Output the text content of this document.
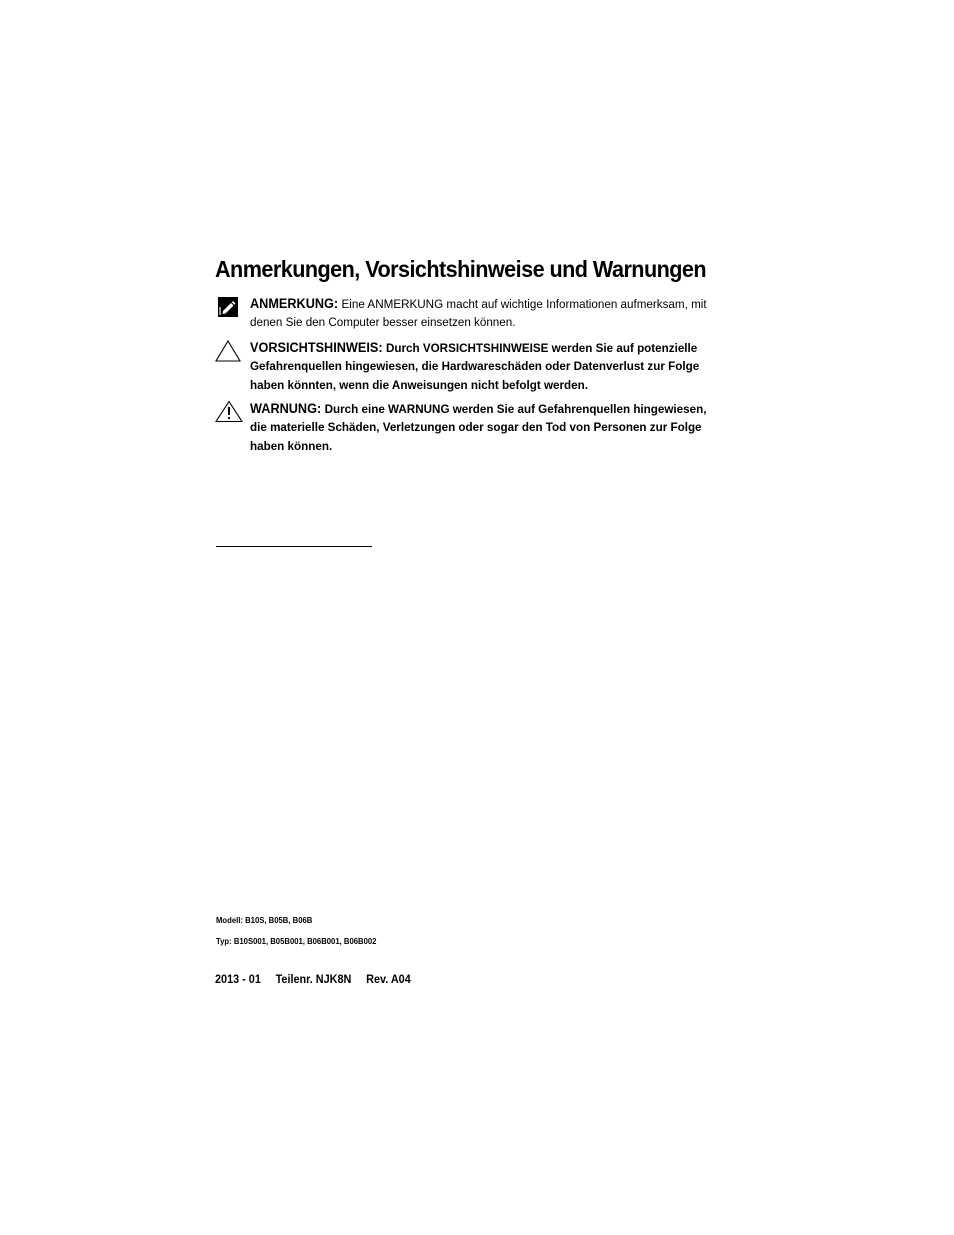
Anmerkungen, Vorsichtshinweise und Warnungen
ANMERKUNG: Eine ANMERKUNG macht auf wichtige Informationen aufmerksam, mit denen Sie den Computer besser einsetzen können.
VORSICHTSHINWEIS: Durch VORSICHTSHINWEISE werden Sie auf potenzielle Gefahrenquellen hingewiesen, die Hardwareschäden oder Datenverlust zur Folge haben könnten, wenn die Anweisungen nicht befolgt werden.
WARNUNG: Durch eine WARNUNG werden Sie auf Gefahrenquellen hingewiesen, die materielle Schäden, Verletzungen oder sogar den Tod von Personen zur Folge haben können.
Modell: B10S, B05B, B06B
Typ: B10S001, B05B001, B06B001, B06B002
2013 - 01 Teilenr. NJK8N Rev. A04
